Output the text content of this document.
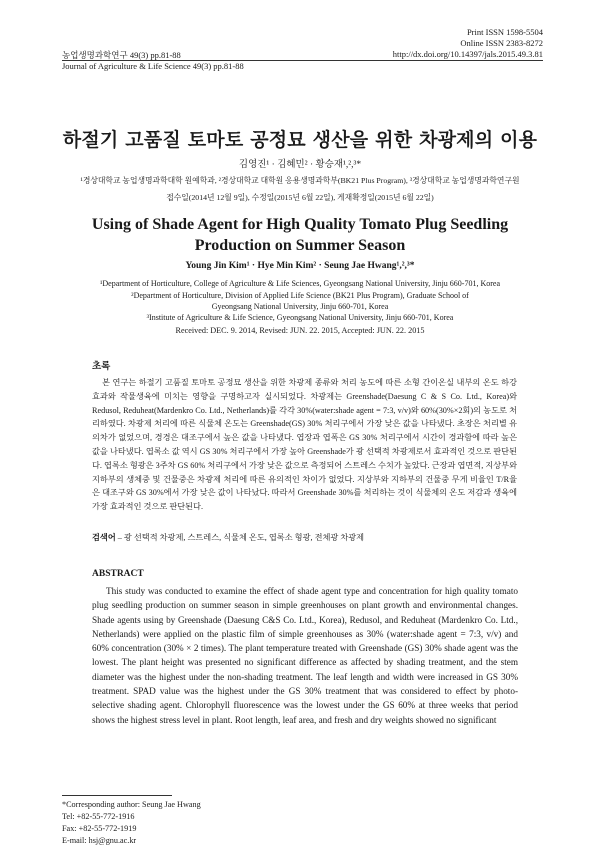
Print ISSN 1598-5504
Online ISSN 2383-8272
농업생명과학연구 49(3) pp.81-88	http://dx.doi.org/10.14397/jals.2015.49.3.81
Journal of Agriculture & Life Science 49(3) pp.81-88
하절기 고품질 토마토 공정묘 생산을 위한 차광제의 이용
김영진¹ · 김혜민² · 황승재¹,²,³*
¹경상대학교 농업생명과학대학 원예학과, ²경상대학교 대학원 응용생명과학부(BK21 Plus Program), ³경상대학교 농업생명과학연구원
접수일(2014년 12월 9일), 수정일(2015년 6월 22일), 게재확정일(2015년 6월 22일)
Using of Shade Agent for High Quality Tomato Plug Seedling
Production on Summer Season
Young Jin Kim¹ · Hye Min Kim² · Seung Jae Hwang¹,²,³*
¹Department of Horticulture, College of Agriculture & Life Sciences, Gyeongsang National University, Jinju 660-701, Korea
²Department of Horticulture, Division of Applied Life Science (BK21 Plus Program), Graduate School of
Gyeongsang National University, Jinju 660-701, Korea
³Institute of Agriculture & Life Science, Gyeongsang National University, Jinju 660-701, Korea
Received: DEC. 9. 2014, Revised: JUN. 22. 2015, Accepted: JUN. 22. 2015
초록

본 연구는 하절기 고품질 토마토 공정묘 생산을 위한 차광제 종류와 처리 농도에 따른 소형 간이온실 내부의 온도 하강 효과와 작물생육에 미치는 영향을 구명하고자 실시되었다. 차광제는 Greenshade(Daesung C & S Co. Ltd., Korea)와 Redusol, Reduheat(Mardenkro Co. Ltd., Netherlands)를 각각 30%(water:shade agent = 7:3, v/v)와 60%(30%×2회)의 농도로 처리하였다. 차광제 처리에 따른 식물체 온도는 Greenshade(GS) 30% 처리구에서 가장 낮은 값을 나타냈다. 초장은 처리별 유의차가 없었으며, 경경은 대조구에서 높은 값을 나타냈다. 엽장과 엽폭은 GS 30% 처리구에서 시간이 경과함에 따라 높은 값을 나타냈다. 엽록소 값 역시 GS 30% 처리구에서 가장 높아 Greenshade가 광 선택적 차광제로서 효과적인 것으로 판단된다. 엽록소 형광은 3주차 GS 60% 처리구에서 가장 낮은 값으로 측정되어 스트레스 수치가 높았다. 근장과 엽면적, 지상부와 지하부의 생체중 및 건물중은 차광제 처리에 따른 유의적인 차이가 없었다. 지상부와 지하부의 건물중 무게 비율인 T/R율은 대조구와 GS 30%에서 가장 낮은 값이 나타났다. 따라서 Greenshade 30%를 처리하는 것이 식물체의 온도 저감과 생육에 가장 효과적인 것으로 판단된다.

검색어 – 광 선택적 차광제, 스트레스, 식물체 온도, 엽록소 형광, 전체광 차광제
ABSTRACT

This study was conducted to examine the effect of shade agent type and concentration for high quality tomato plug seedling production on summer season in simple greenhouses on plant growth and environmental changes. Shade agents using by Greenshade (Daesung C&S Co. Ltd., Korea), Redusol, and Reduheat (Mardenkro Co. Ltd., Netherlands) were applied on the plastic film of simple greenhouses as 30% (water:shade agent = 7:3, v/v) and 60% concentration (30% × 2 times). The plant temperature treated with Greenshade (GS) 30% shade agent was the lowest. The plant height was presented no significant difference as affected by shading treatment, and the stem diameter was the highest under the non-shading treatment. The leaf length and width were increased in GS 30% treatment. SPAD value was the highest under the GS 30% treatment that was considered to effect by photo-selective shading agent. Chlorophyll fluorescence was the lowest under the GS 60% at three weeks that period shows the highest stress level in plant. Root length, leaf area, and fresh and dry weights showed no significant

*Corresponding author: Seung Jae Hwang
Tel: +82-55-772-1916
Fax: +82-55-772-1919
E-mail: hsj@gnu.ac.kr
